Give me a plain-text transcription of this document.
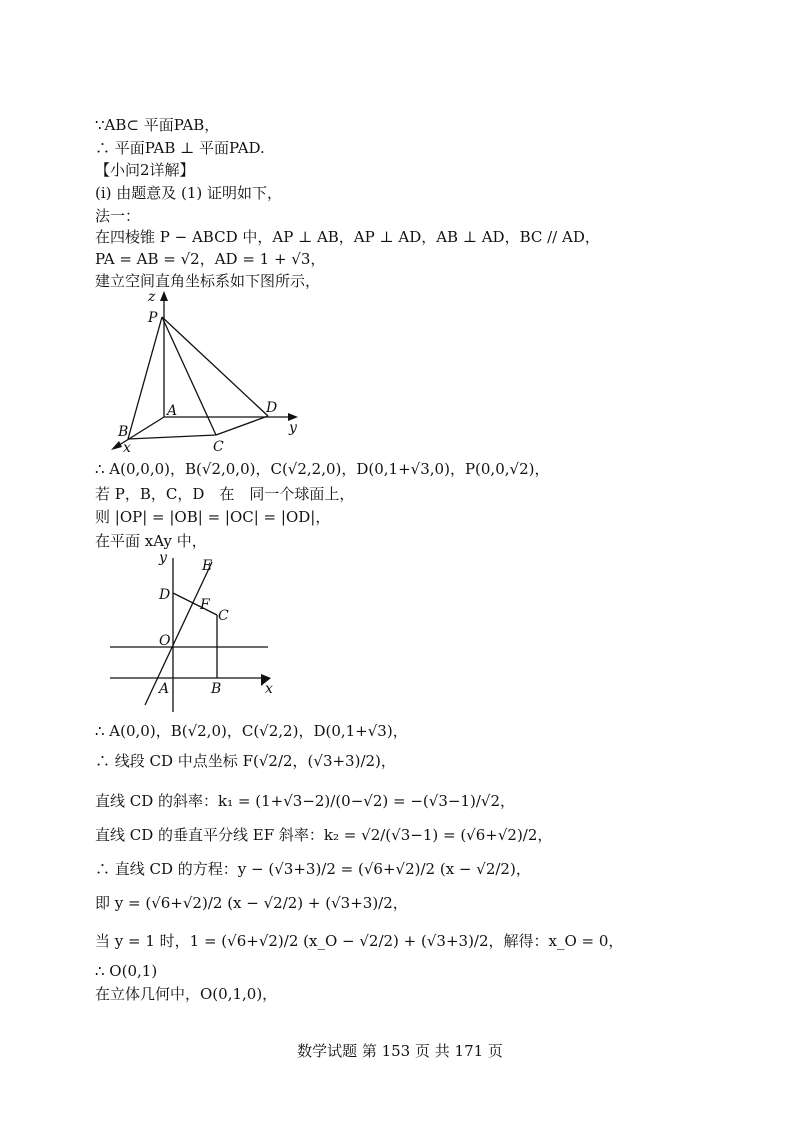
∵AB⊂ 平面PAB，
∴ 平面PAB ⊥ 平面PAD.
【小问2详解】
(i) 由题意及 (1) 证明如下，
法一：
在四棱锥 P − ABCD 中，AP ⊥ AB，AP ⊥ AD，AB ⊥ AD，BC // AD，
PA = AB = √2，AD = 1 + √3，
建立空间直角坐标系如下图所示，
z
P
A	D
y
B
x	C
∴ A(0,0,0)，B(√2,0,0)，C(√2,2,0)，D(0,1+√3,0)，P(0,0,√2)，
若 P，B，C，D　在　同一个球面上，
则 |OP| = |OB| = |OC| = |OD|，
在平面 xAy 中，
y	E
D
F
C
O
A	B	x
∴ A(0,0)，B(√2,0)，C(√2,2)，D(0,1+√3)，
∴ 线段 CD 中点坐标 F(√2/2，(√3+3)/2)，
直线 CD 的斜率：k₁ = (1+√3−2)/(0−√2) = −(√3−1)/√2，
直线 CD 的垂直平分线 EF 斜率：k₂ = √2/(√3−1) = (√6+√2)/2，
∴ 直线 CD 的方程：y − (√3+3)/2 = (√6+√2)/2 (x − √2/2)，
即 y = (√6+√2)/2 (x − √2/2) + (√3+3)/2，
当 y = 1 时，1 = (√6+√2)/2 (x_O − √2/2) + (√3+3)/2，解得：x_O = 0，
∴ O(0,1)
在立体几何中，O(0,1,0)，
数学试题 第 153 页 共 171 页
